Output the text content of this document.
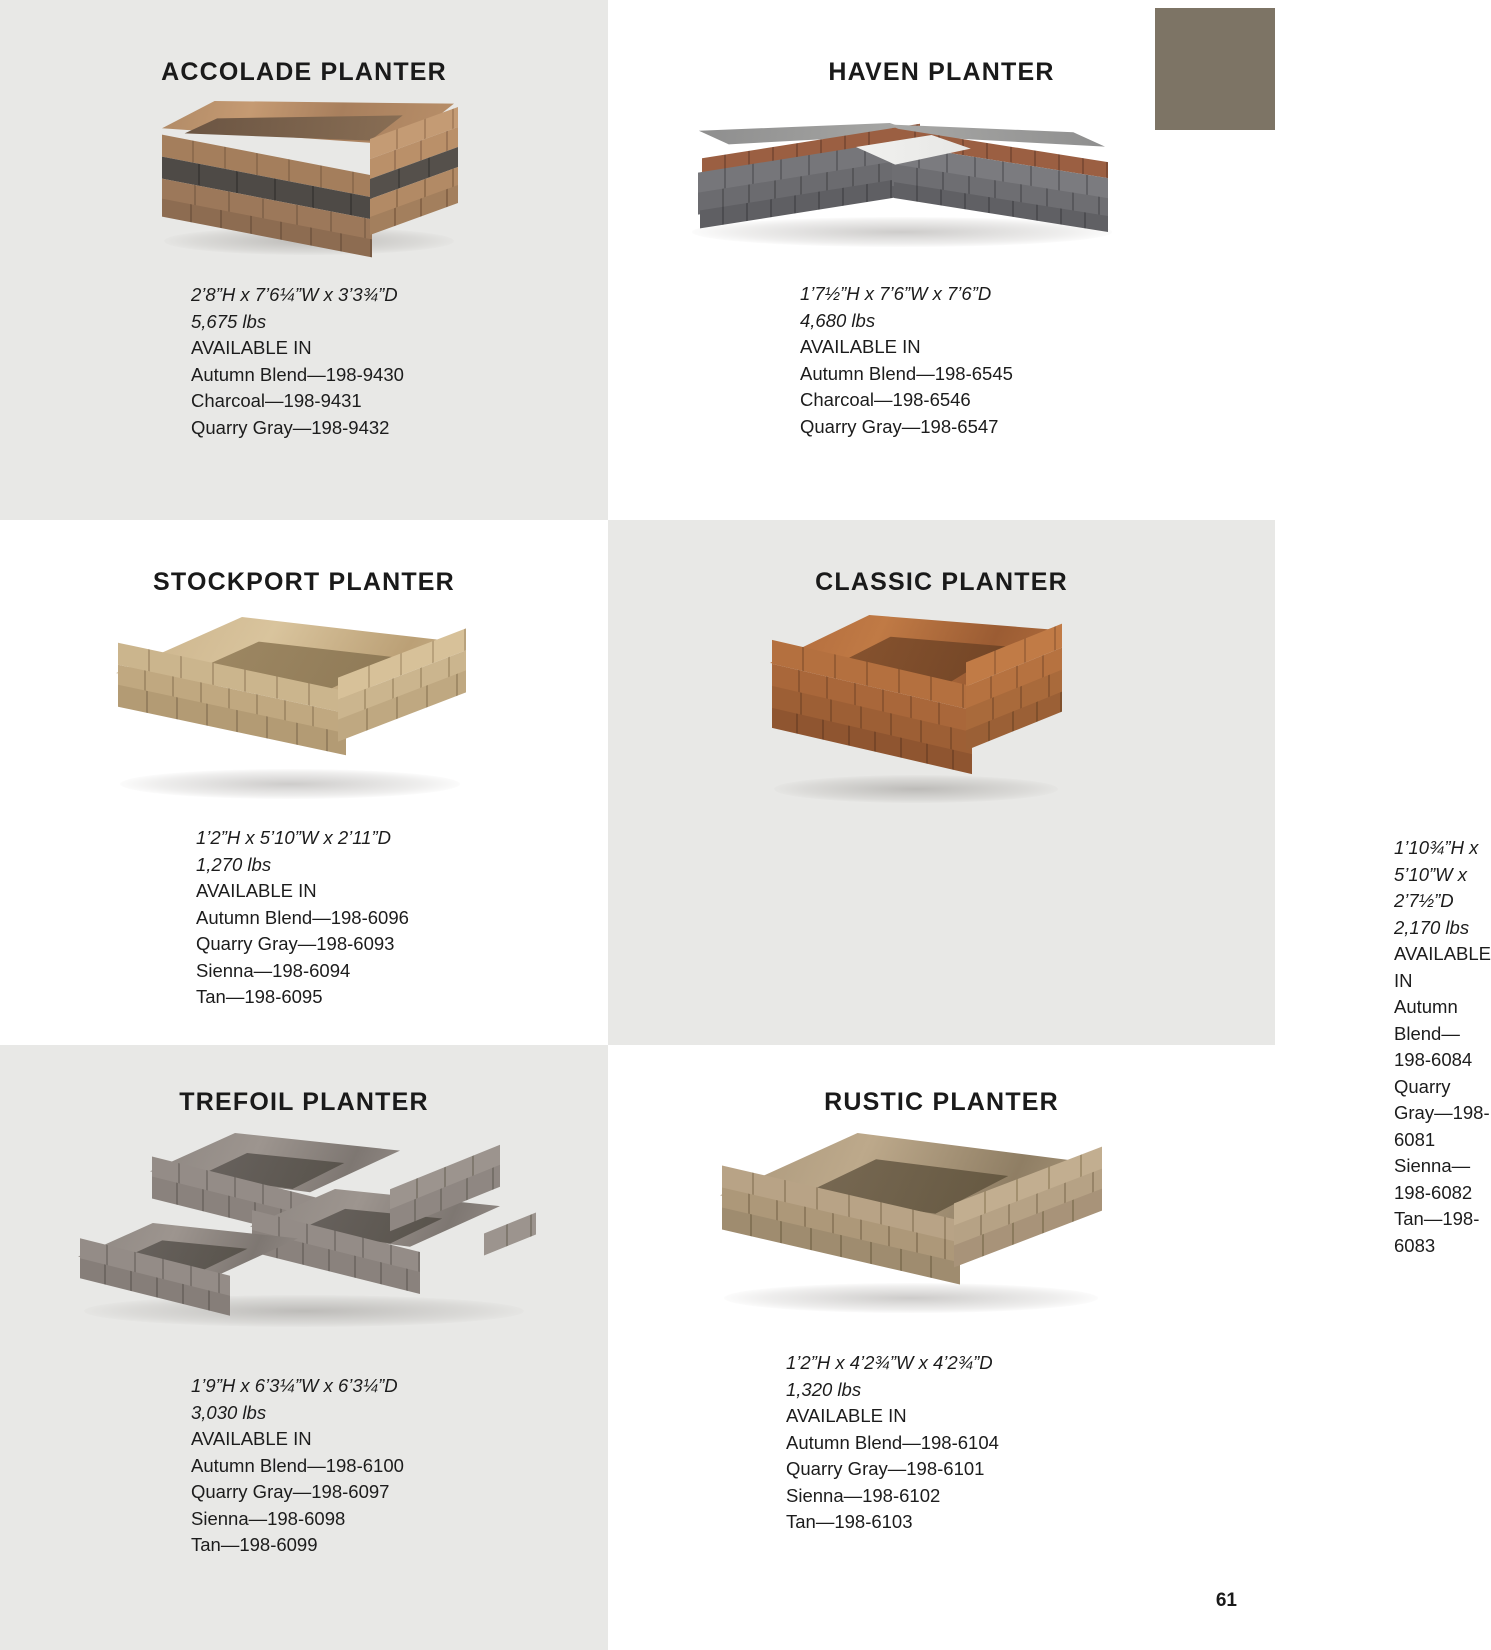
ACCOLADE PLANTER
2’8”H x 7’6¼”W x 3’3¾”D
5,675 lbs
AVAILABLE IN
Autumn Blend—198-9430
Charcoal—198-9431
Quarry Gray—198-9432
HAVEN PLANTER
1’7½”H x 7’6”W x 7’6”D
4,680 lbs
AVAILABLE IN
Autumn Blend—198-6545
Charcoal—198-6546
Quarry Gray—198-6547
STOCKPORT PLANTER
1’2”H x 5’10”W x 2’11”D
1,270 lbs
AVAILABLE IN
Autumn Blend—198-6096
Quarry Gray—198-6093
Sienna—198-6094
Tan—198-6095
CLASSIC PLANTER
1’10¾”H x 5’10”W x 2’7½”D
2,170 lbs
AVAILABLE IN
Autumn Blend—198-6084
Quarry Gray—198-6081
Sienna—198-6082
Tan—198-6083
TREFOIL PLANTER
1’9”H x 6’3¼”W x 6’3¼”D
3,030 lbs
AVAILABLE IN
Autumn Blend—198-6100
Quarry Gray—198-6097
Sienna—198-6098
Tan—198-6099
RUSTIC PLANTER
1’2”H x 4’2¾”W x 4’2¾”D
1,320 lbs
AVAILABLE IN
Autumn Blend—198-6104
Quarry Gray—198-6101
Sienna—198-6102
Tan—198-6103
61
